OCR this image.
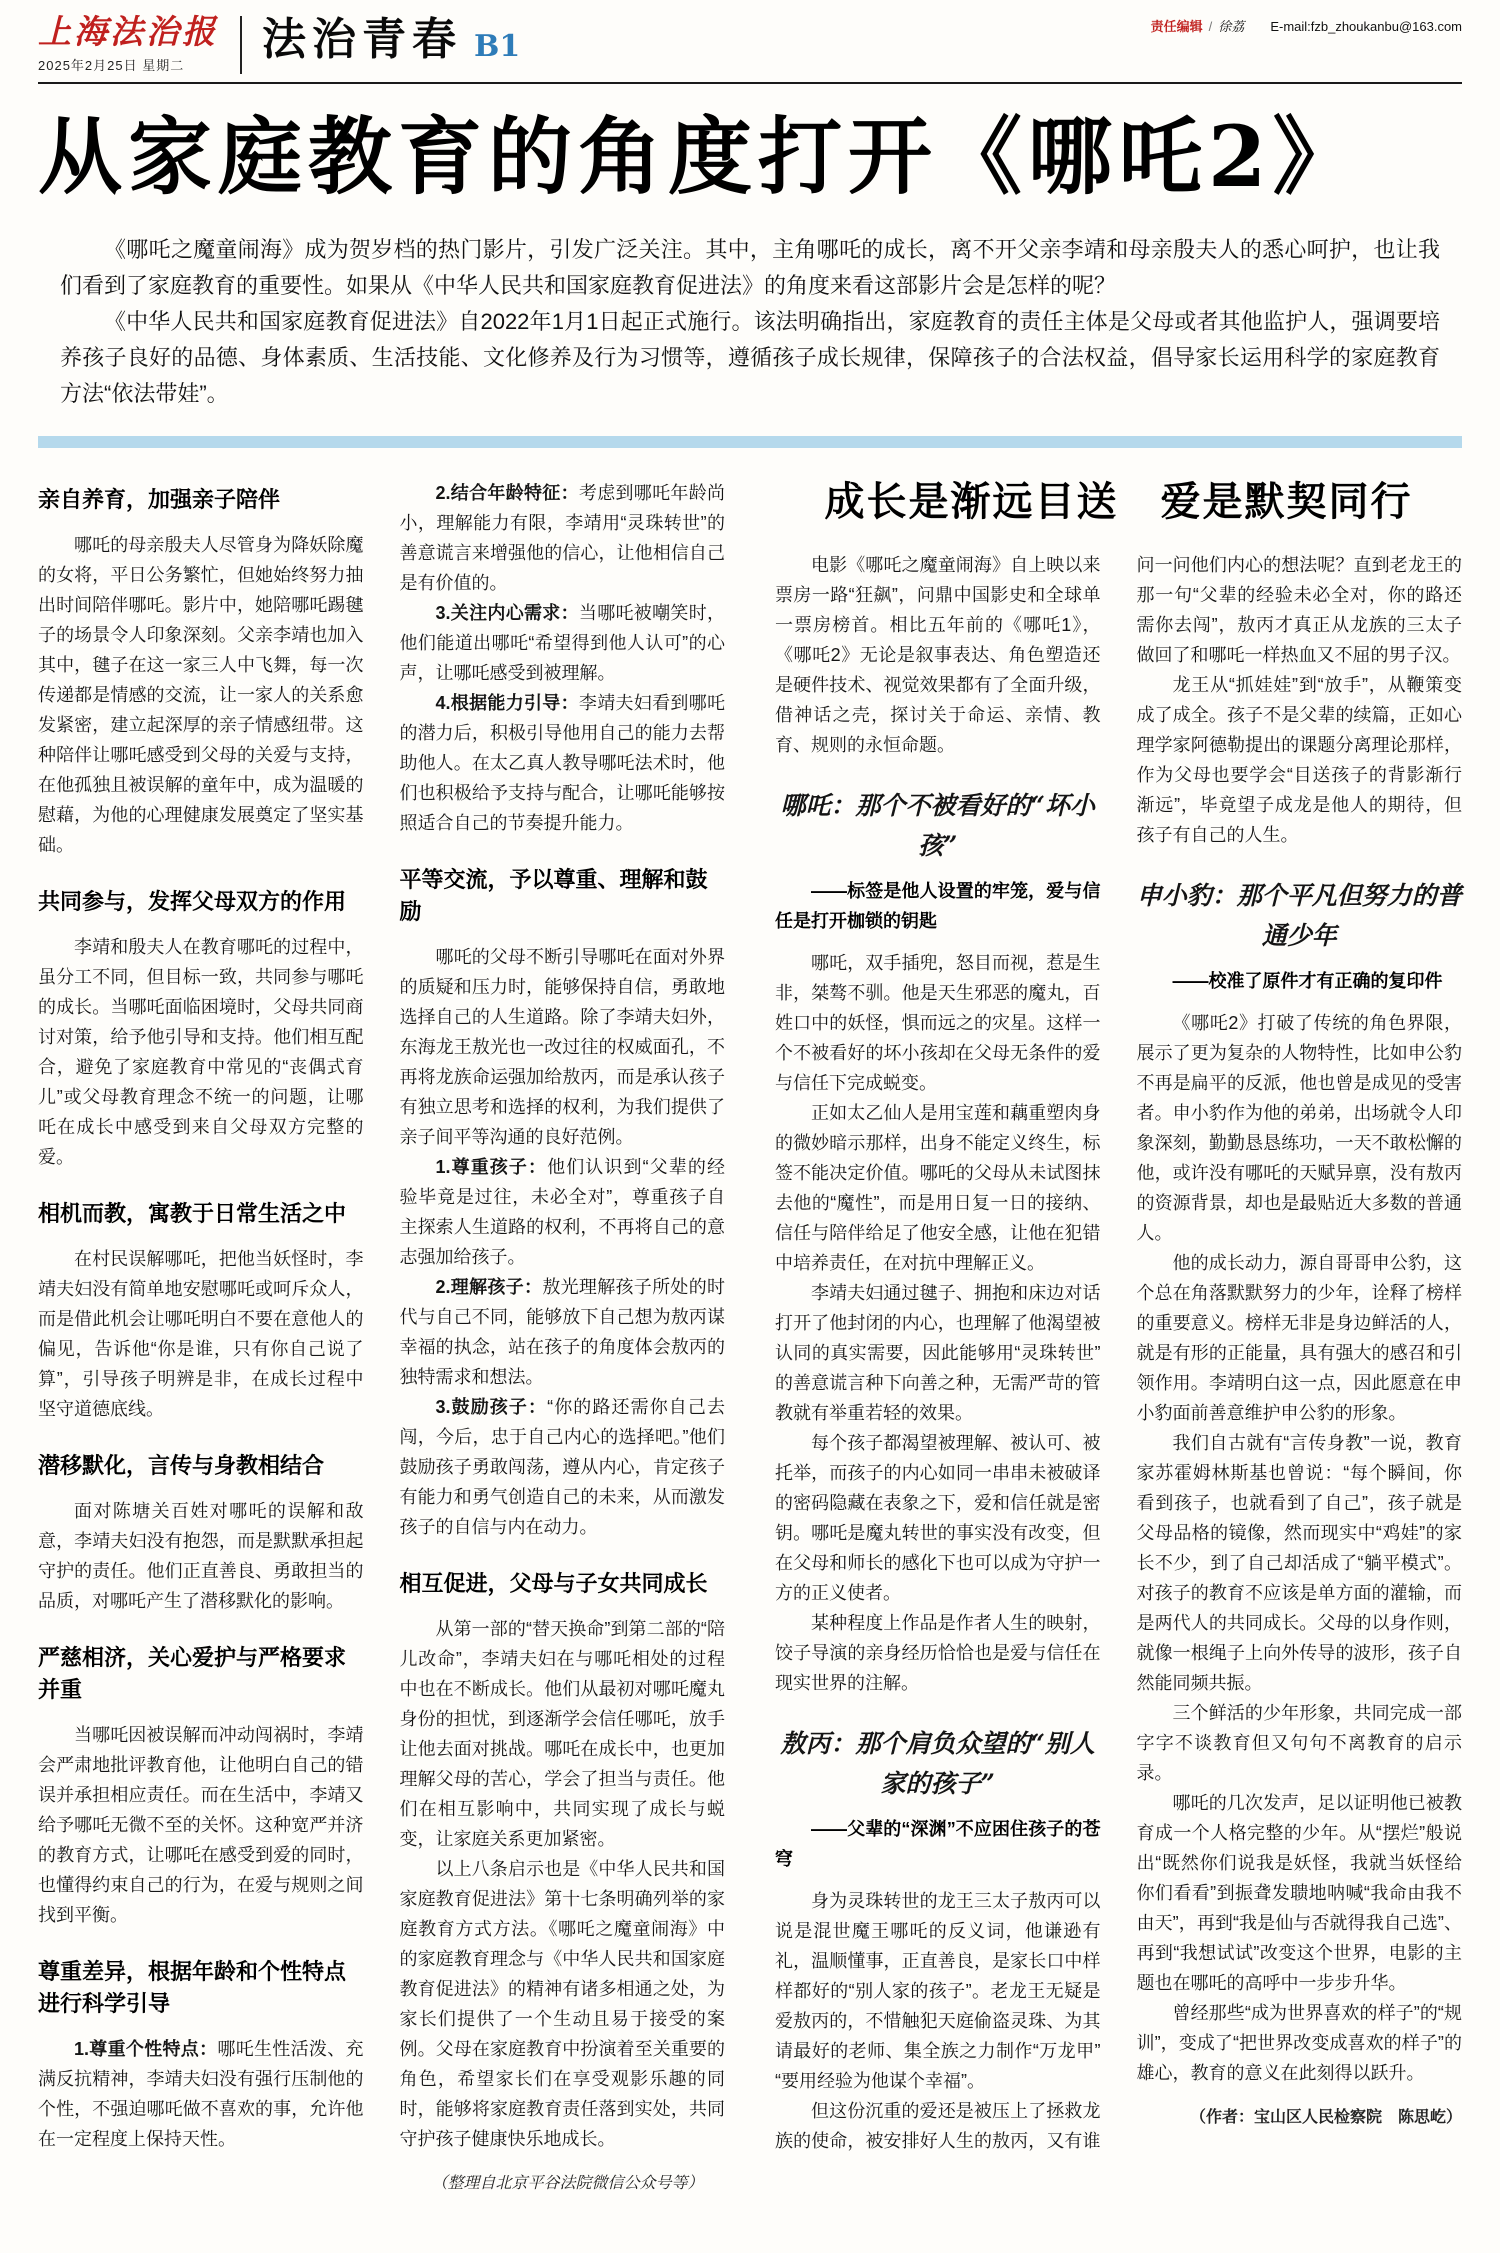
上海法治报
2025年2月25日 星期二
法治青春 B1
责任编辑 / 徐荔 E-mail:fzb_zhoukanbu@163.com
从家庭教育的角度打开《哪吒2》

《哪吒之魔童闹海》成为贺岁档的热门影片，引发广泛关注。其中，主角哪吒的成长，离不开父亲李靖和母亲殷夫人的悉心呵护，也让我们看到了家庭教育的重要性。如果从《中华人民共和国家庭教育促进法》的角度来看这部影片会是怎样的呢？

《中华人民共和国家庭教育促进法》自2022年1月1日起正式施行。该法明确指出，家庭教育的责任主体是父母或者其他监护人，强调要培养孩子良好的品德、身体素质、生活技能、文化修养及行为习惯等，遵循孩子成长规律，保障孩子的合法权益，倡导家长运用科学的家庭教育方法“依法带娃”。

亲自养育，加强亲子陪伴

哪吒的母亲殷夫人尽管身为降妖除魔的女将，平日公务繁忙，但她始终努力抽出时间陪伴哪吒。影片中，她陪哪吒踢毽子的场景令人印象深刻。父亲李靖也加入其中，毽子在这一家三人中飞舞，每一次传递都是情感的交流，让一家人的关系愈发紧密，建立起深厚的亲子情感纽带。这种陪伴让哪吒感受到父母的关爱与支持，在他孤独且被误解的童年中，成为温暖的慰藉，为他的心理健康发展奠定了坚实基础。

共同参与，发挥父母双方的作用

李靖和殷夫人在教育哪吒的过程中，虽分工不同，但目标一致，共同参与哪吒的成长。当哪吒面临困境时，父母共同商讨对策，给予他引导和支持。他们相互配合，避免了家庭教育中常见的“丧偶式育儿”或父母教育理念不统一的问题，让哪吒在成长中感受到来自父母双方完整的爱。

相机而教，寓教于日常生活之中

在村民误解哪吒，把他当妖怪时，李靖夫妇没有简单地安慰哪吒或呵斥众人，而是借此机会让哪吒明白不要在意他人的偏见，告诉他“你是谁，只有你自己说了算”，引导孩子明辨是非，在成长过程中坚守道德底线。

潜移默化，言传与身教相结合

面对陈塘关百姓对哪吒的误解和敌意，李靖夫妇没有抱怨，而是默默承担起守护的责任。他们正直善良、勇敢担当的品质，对哪吒产生了潜移默化的影响。

严慈相济，关心爱护与严格要求并重

当哪吒因被误解而冲动闯祸时，李靖会严肃地批评教育他，让他明白自己的错误并承担相应责任。而在生活中，李靖又给予哪吒无微不至的关怀。这种宽严并济的教育方式，让哪吒在感受到爱的同时，也懂得约束自己的行为，在爱与规则之间找到平衡。

尊重差异，根据年龄和个性特点进行科学引导

1.尊重个性特点：哪吒生性活泼、充满反抗精神，李靖夫妇没有强行压制他的个性，不强迫哪吒做不喜欢的事，允许他在一定程度上保持天性。

2.结合年龄特征：考虑到哪吒年龄尚小，理解能力有限，李靖用“灵珠转世”的善意谎言来增强他的信心，让他相信自己是有价值的。

3.关注内心需求：当哪吒被嘲笑时，他们能道出哪吒“希望得到他人认可”的心声，让哪吒感受到被理解。

4.根据能力引导：李靖夫妇看到哪吒的潜力后，积极引导他用自己的能力去帮助他人。在太乙真人教导哪吒法术时，他们也积极给予支持与配合，让哪吒能够按照适合自己的节奏提升能力。

平等交流，予以尊重、理解和鼓励

哪吒的父母不断引导哪吒在面对外界的质疑和压力时，能够保持自信，勇敢地选择自己的人生道路。除了李靖夫妇外，东海龙王敖光也一改过往的权威面孔，不再将龙族命运强加给敖丙，而是承认孩子有独立思考和选择的权利，为我们提供了亲子间平等沟通的良好范例。

1.尊重孩子：他们认识到“父辈的经验毕竟是过往，未必全对”，尊重孩子自主探索人生道路的权利，不再将自己的意志强加给孩子。

2.理解孩子：敖光理解孩子所处的时代与自己不同，能够放下自己想为敖丙谋幸福的执念，站在孩子的角度体会敖丙的独特需求和想法。

3.鼓励孩子：“你的路还需你自己去闯，今后，忠于自己内心的选择吧。”他们鼓励孩子勇敢闯荡，遵从内心，肯定孩子有能力和勇气创造自己的未来，从而激发孩子的自信与内在动力。

相互促进，父母与子女共同成长

从第一部的“替天换命”到第二部的“陪儿改命”，李靖夫妇在与哪吒相处的过程中也在不断成长。他们从最初对哪吒魔丸身份的担忧，到逐渐学会信任哪吒，放手让他去面对挑战。哪吒在成长中，也更加理解父母的苦心，学会了担当与责任。他们在相互影响中，共同实现了成长与蜕变，让家庭关系更加紧密。

以上八条启示也是《中华人民共和国家庭教育促进法》第十七条明确列举的家庭教育方式方法。《哪吒之魔童闹海》中的家庭教育理念与《中华人民共和国家庭教育促进法》的精神有诸多相通之处，为家长们提供了一个生动且易于接受的案例。父母在家庭教育中扮演着至关重要的角色，希望家长们在享受观影乐趣的同时，能够将家庭教育责任落到实处，共同守护孩子健康快乐地成长。

（整理自北京平谷法院微信公众号等）

成长是渐远目送　爱是默契同行

电影《哪吒之魔童闹海》自上映以来票房一路“狂飙”，问鼎中国影史和全球单一票房榜首。相比五年前的《哪吒1》，《哪吒2》无论是叙事表达、角色塑造还是硬件技术、视觉效果都有了全面升级，借神话之壳，探讨关于命运、亲情、教育、规则的永恒命题。

哪吒：那个不被看好的“坏小孩”

——标签是他人设置的牢笼，爱与信任是打开枷锁的钥匙

哪吒，双手插兜，怒目而视，惹是生非，桀骜不驯。他是天生邪恶的魔丸，百姓口中的妖怪，惧而远之的灾星。这样一个不被看好的坏小孩却在父母无条件的爱与信任下完成蜕变。

正如太乙仙人是用宝莲和藕重塑肉身的微妙暗示那样，出身不能定义终生，标签不能决定价值。哪吒的父母从未试图抹去他的“魔性”，而是用日复一日的接纳、信任与陪伴给足了他安全感，让他在犯错中培养责任，在对抗中理解正义。

李靖夫妇通过毽子、拥抱和床边对话打开了他封闭的内心，也理解了他渴望被认同的真实需要，因此能够用“灵珠转世”的善意谎言种下向善之种，无需严苛的管教就有举重若轻的效果。

每个孩子都渴望被理解、被认可、被托举，而孩子的内心如同一串串未被破译的密码隐藏在表象之下，爱和信任就是密钥。哪吒是魔丸转世的事实没有改变，但在父母和师长的感化下也可以成为守护一方的正义使者。

某种程度上作品是作者人生的映射，饺子导演的亲身经历恰恰也是爱与信任在现实世界的注解。

敖丙：那个肩负众望的“别人家的孩子”

——父辈的“深渊”不应困住孩子的苍穹

身为灵珠转世的龙王三太子敖丙可以说是混世魔王哪吒的反义词，他谦逊有礼，温顺懂事，正直善良，是家长口中样样都好的“别人家的孩子”。老龙王无疑是爱敖丙的，不惜触犯天庭偷盗灵珠、为其请最好的老师、集全族之力制作“万龙甲”“要用经验为他谋个幸福”。

但这份沉重的爱还是被压上了拯救龙族的使命，被安排好人生的敖丙，又有谁问一问他们内心的想法呢？直到老龙王的那一句“父辈的经验未必全对，你的路还需你去闯”，敖丙才真正从龙族的三太子做回了和哪吒一样热血又不屈的男子汉。

龙王从“抓娃娃”到“放手”，从鞭策变成了成全。孩子不是父辈的续篇，正如心理学家阿德勒提出的课题分离理论那样，作为父母也要学会“目送孩子的背影渐行渐远”，毕竟望子成龙是他人的期待，但孩子有自己的人生。

申小豹：那个平凡但努力的普通少年

——校准了原件才有正确的复印件

《哪吒2》打破了传统的角色界限，展示了更为复杂的人物特性，比如申公豹不再是扁平的反派，他也曾是成见的受害者。申小豹作为他的弟弟，出场就令人印象深刻，勤勤恳恳练功，一天不敢松懈的他，或许没有哪吒的天赋异禀，没有敖丙的资源背景，却也是最贴近大多数的普通人。

他的成长动力，源自哥哥申公豹，这个总在角落默默努力的少年，诠释了榜样的重要意义。榜样无非是身边鲜活的人，就是有形的正能量，具有强大的感召和引领作用。李靖明白这一点，因此愿意在申小豹面前善意维护申公豹的形象。

我们自古就有“言传身教”一说，教育家苏霍姆林斯基也曾说：“每个瞬间，你看到孩子，也就看到了自己”，孩子就是父母品格的镜像，然而现实中“鸡娃”的家长不少，到了自己却活成了“躺平模式”。对孩子的教育不应该是单方面的灌输，而是两代人的共同成长。父母的以身作则，就像一根绳子上向外传导的波形，孩子自然能同频共振。

三个鲜活的少年形象，共同完成一部字字不谈教育但又句句不离教育的启示录。

哪吒的几次发声，足以证明他已被教育成一个人格完整的少年。从“摆烂”般说出“既然你们说我是妖怪，我就当妖怪给你们看看”到振聋发聩地呐喊“我命由我不由天”，再到“我是仙与否就得我自己选”、再到“我想试试”改变这个世界，电影的主题也在哪吒的高呼中一步步升华。

曾经那些“成为世界喜欢的样子”的“规训”，变成了“把世界改变成喜欢的样子”的雄心，教育的意义在此刻得以跃升。

（作者：宝山区人民检察院　陈思屹）
